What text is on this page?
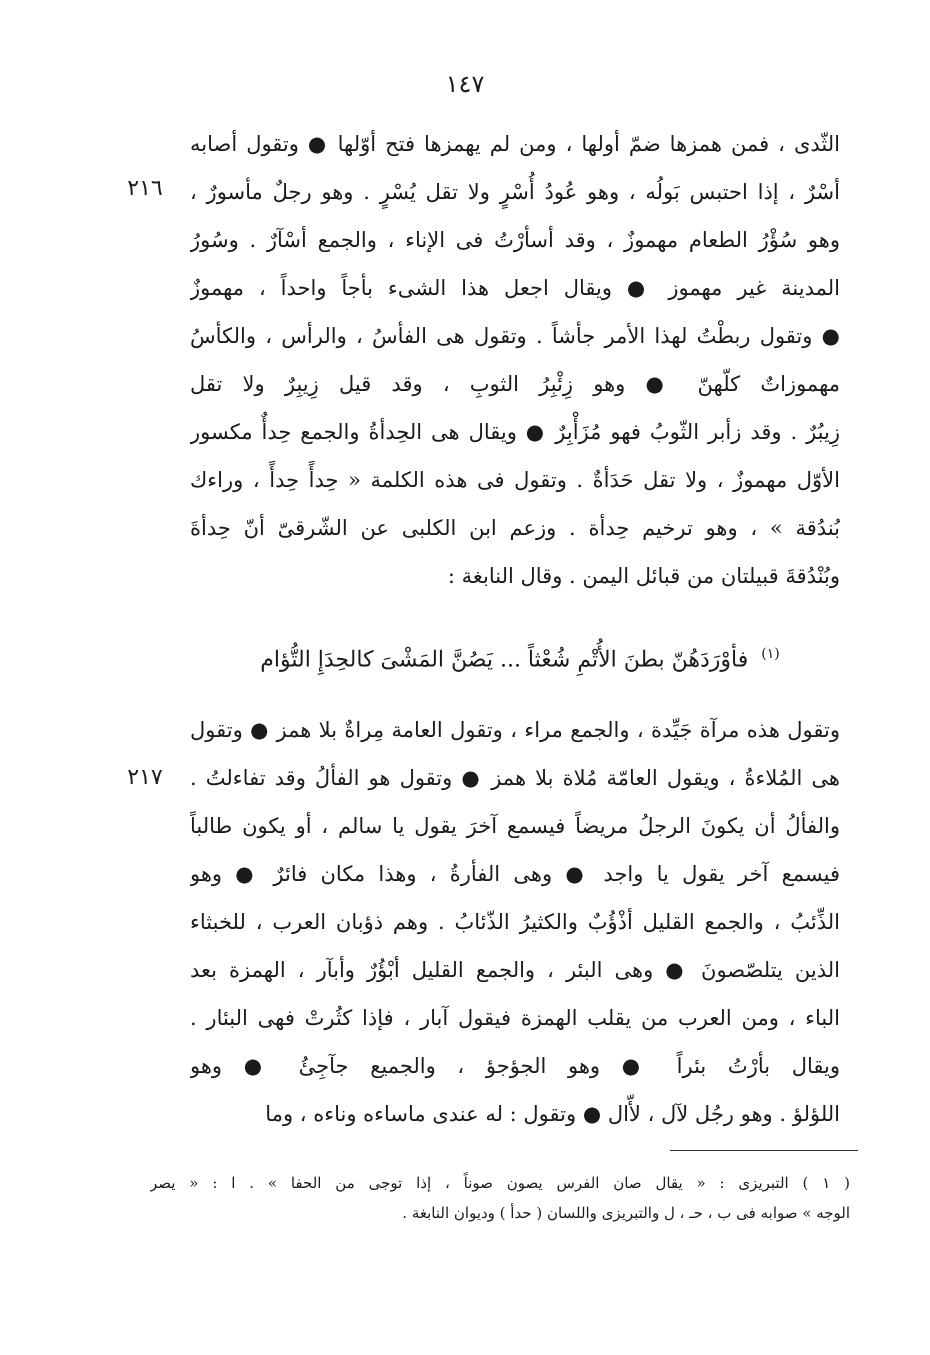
١٤٧
٢١٦
٢١٧
الثّدى ، فمن همزها ضمّ أولها ، ومن لم يهمزها فتح أوّلها ● وتقول أصابه
أسْرٌ ، إذا احتبس بَولُه ، وهو عُودُ أُسْرٍ ولا تقل يُسْرٍ . وهو رجلٌ مأسورٌ ،
وهو سُؤْرُ الطعام مهموزٌ ، وقد أسأرْتُ فى الإناء ، والجمع أسْآرٌ . وسُورُ
المدينة غير مهموز ● ويقال اجعل هذا الشىء بأجاً واحداً ، مهموزٌ
● وتقول ربطْتُ لهذا الأمر جأشاً . وتقول هى الفأسُ ، والرأس ، والكأسُ
مهموزاتٌ كلّهنّ ● وهو زِئْبِرُ الثوبِ ، وقد قيل زِيبِرٌ ولا تقل
زِيبُرٌ . وقد زأبر الثّوبُ فهو مُزَأْبِرٌ ● ويقال هى الحِدأةُ والجمع حِدأٌ مكسور
الأوّل مهموزٌ ، ولا تقل حَدَأةٌ . وتقول فى هذه الكلمة « حِدأً حِدأً ، وراءك
بُندُقة » ، وهو ترخيم حِدأة . وزعم ابن الكلبى عن الشّرقىّ أنّ حِدأةَ
وبُنْدُقةَ قبيلتان من قبائل اليمن . وقال النابغة :
$^{(١)}$ فأوْرَدَهُنّ بطنَ الأُتْمِ شُعْثاً ... يَصُنَّ المَشْىَ كالحِدَإِ التُّؤام
وتقول هذه مرآة جَيِّدة ، والجمع مراء ، وتقول العامة مِراةٌ بلا همز ● وتقول
هى المُلاءةُ ، ويقول العامّة مُلاة بلا همز ● وتقول هو الفألُ وقد تفاءلتُ .
والفألُ أن يكونَ الرجلُ مريضاً فيسمع آخرَ يقول يا سالم ، أو يكون طالباً
فيسمع آخر يقول يا واجد ● وهى الفأرةُ ، وهذا مكان فائرٌ ● وهو
الذِّئبُ ، والجمع القليل أذْؤُبٌ والكثيرُ الذّئابُ . وهم ذؤبان العرب ، للخبثاء
الذين يتلصّصونَ ● وهى البئر ، والجمع القليل أبْؤُرٌ وأبآر ، الهمزة بعد
الباء ، ومن العرب من يقلب الهمزة فيقول آبار ، فإذا كثُرتْ فهى البئار .
ويقال بأرْتُ بئراً ● وهو الجؤجؤ ، والجميع جآجِئُ ● وهو
اللؤلؤ . وهو رجُل لآل ، لأّال ● وتقول : له عندى ماساءه وناءه ، وما
( ١ ) التبريزى : « يقال صان الفرس يصون صوناً ، إذا توجى من الحفا » . ا : « يصر
الوجه » صوابه فى ب ، حـ ، ل والتبريزى واللسان ( حدأ ) وديوان النابغة .
